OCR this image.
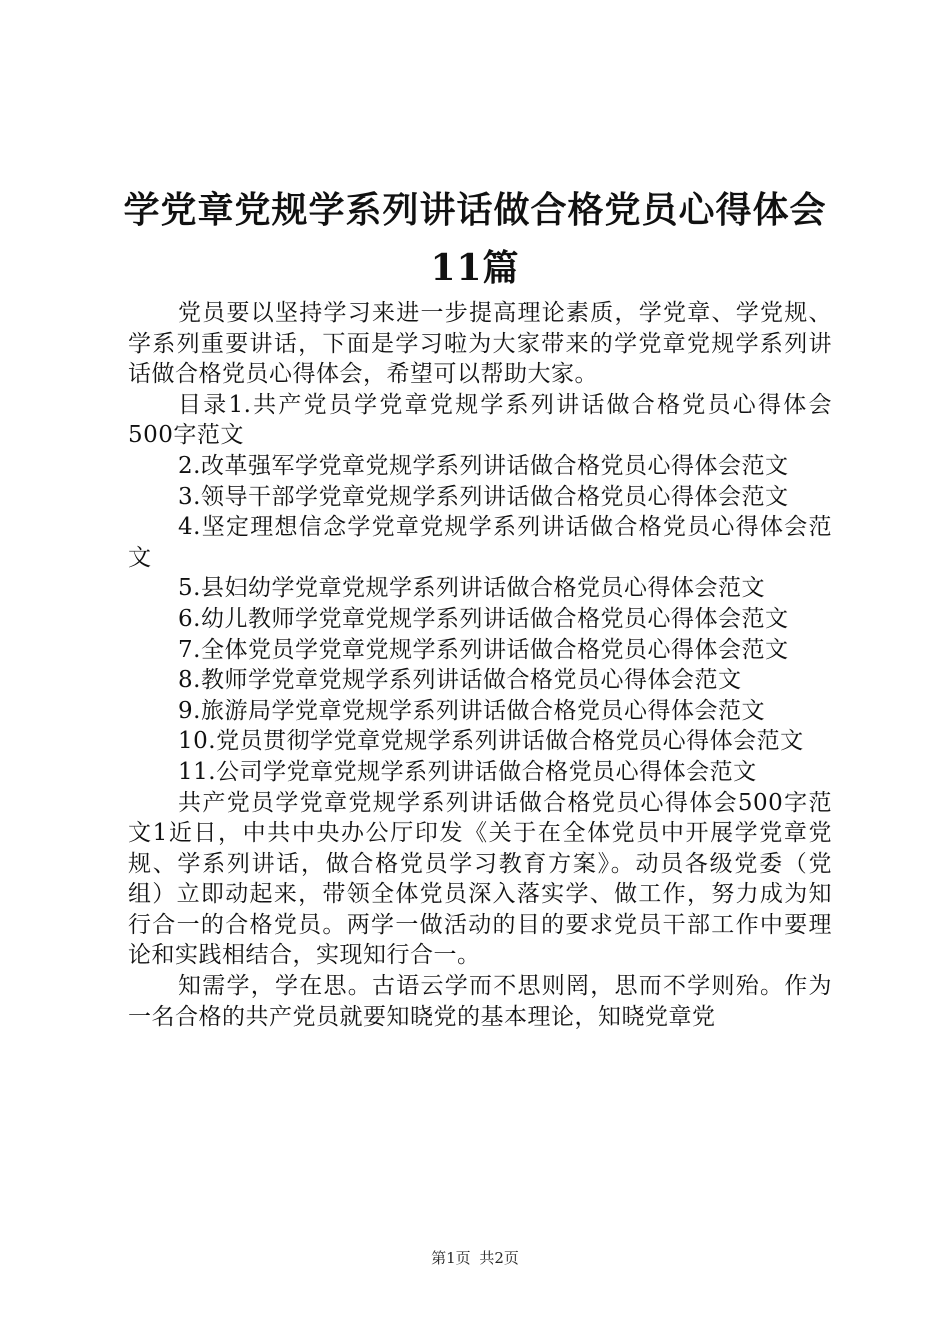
学党章党规学系列讲话做合格党员心得体会
11篇

党员要以坚持学习来进一步提高理论素质，学党章、学党规、学系列重要讲话，下面是学习啦为大家带来的学党章党规学系列讲话做合格党员心得体会，希望可以帮助大家。

目录1.共产党员学党章党规学系列讲话做合格党员心得体会500字范文

2.改革强军学党章党规学系列讲话做合格党员心得体会范文

3.领导干部学党章党规学系列讲话做合格党员心得体会范文

4.坚定理想信念学党章党规学系列讲话做合格党员心得体会范文

5.县妇幼学党章党规学系列讲话做合格党员心得体会范文

6.幼儿教师学党章党规学系列讲话做合格党员心得体会范文

7.全体党员学党章党规学系列讲话做合格党员心得体会范文

8.教师学党章党规学系列讲话做合格党员心得体会范文

9.旅游局学党章党规学系列讲话做合格党员心得体会范文

10.党员贯彻学党章党规学系列讲话做合格党员心得体会范文

11.公司学党章党规学系列讲话做合格党员心得体会范文

共产党员学党章党规学系列讲话做合格党员心得体会500字范文1近日，中共中央办公厅印发《关于在全体党员中开展学党章党规、学系列讲话，做合格党员学习教育方案》。动员各级党委（党组）立即动起来，带领全体党员深入落实学、做工作，努力成为知行合一的合格党员。两学一做活动的目的要求党员干部工作中要理论和实践相结合，实现知行合一。

知需学，学在思。古语云学而不思则罔，思而不学则殆。作为一名合格的共产党员就要知晓党的基本理论，知晓党章党

第1页 共2页
